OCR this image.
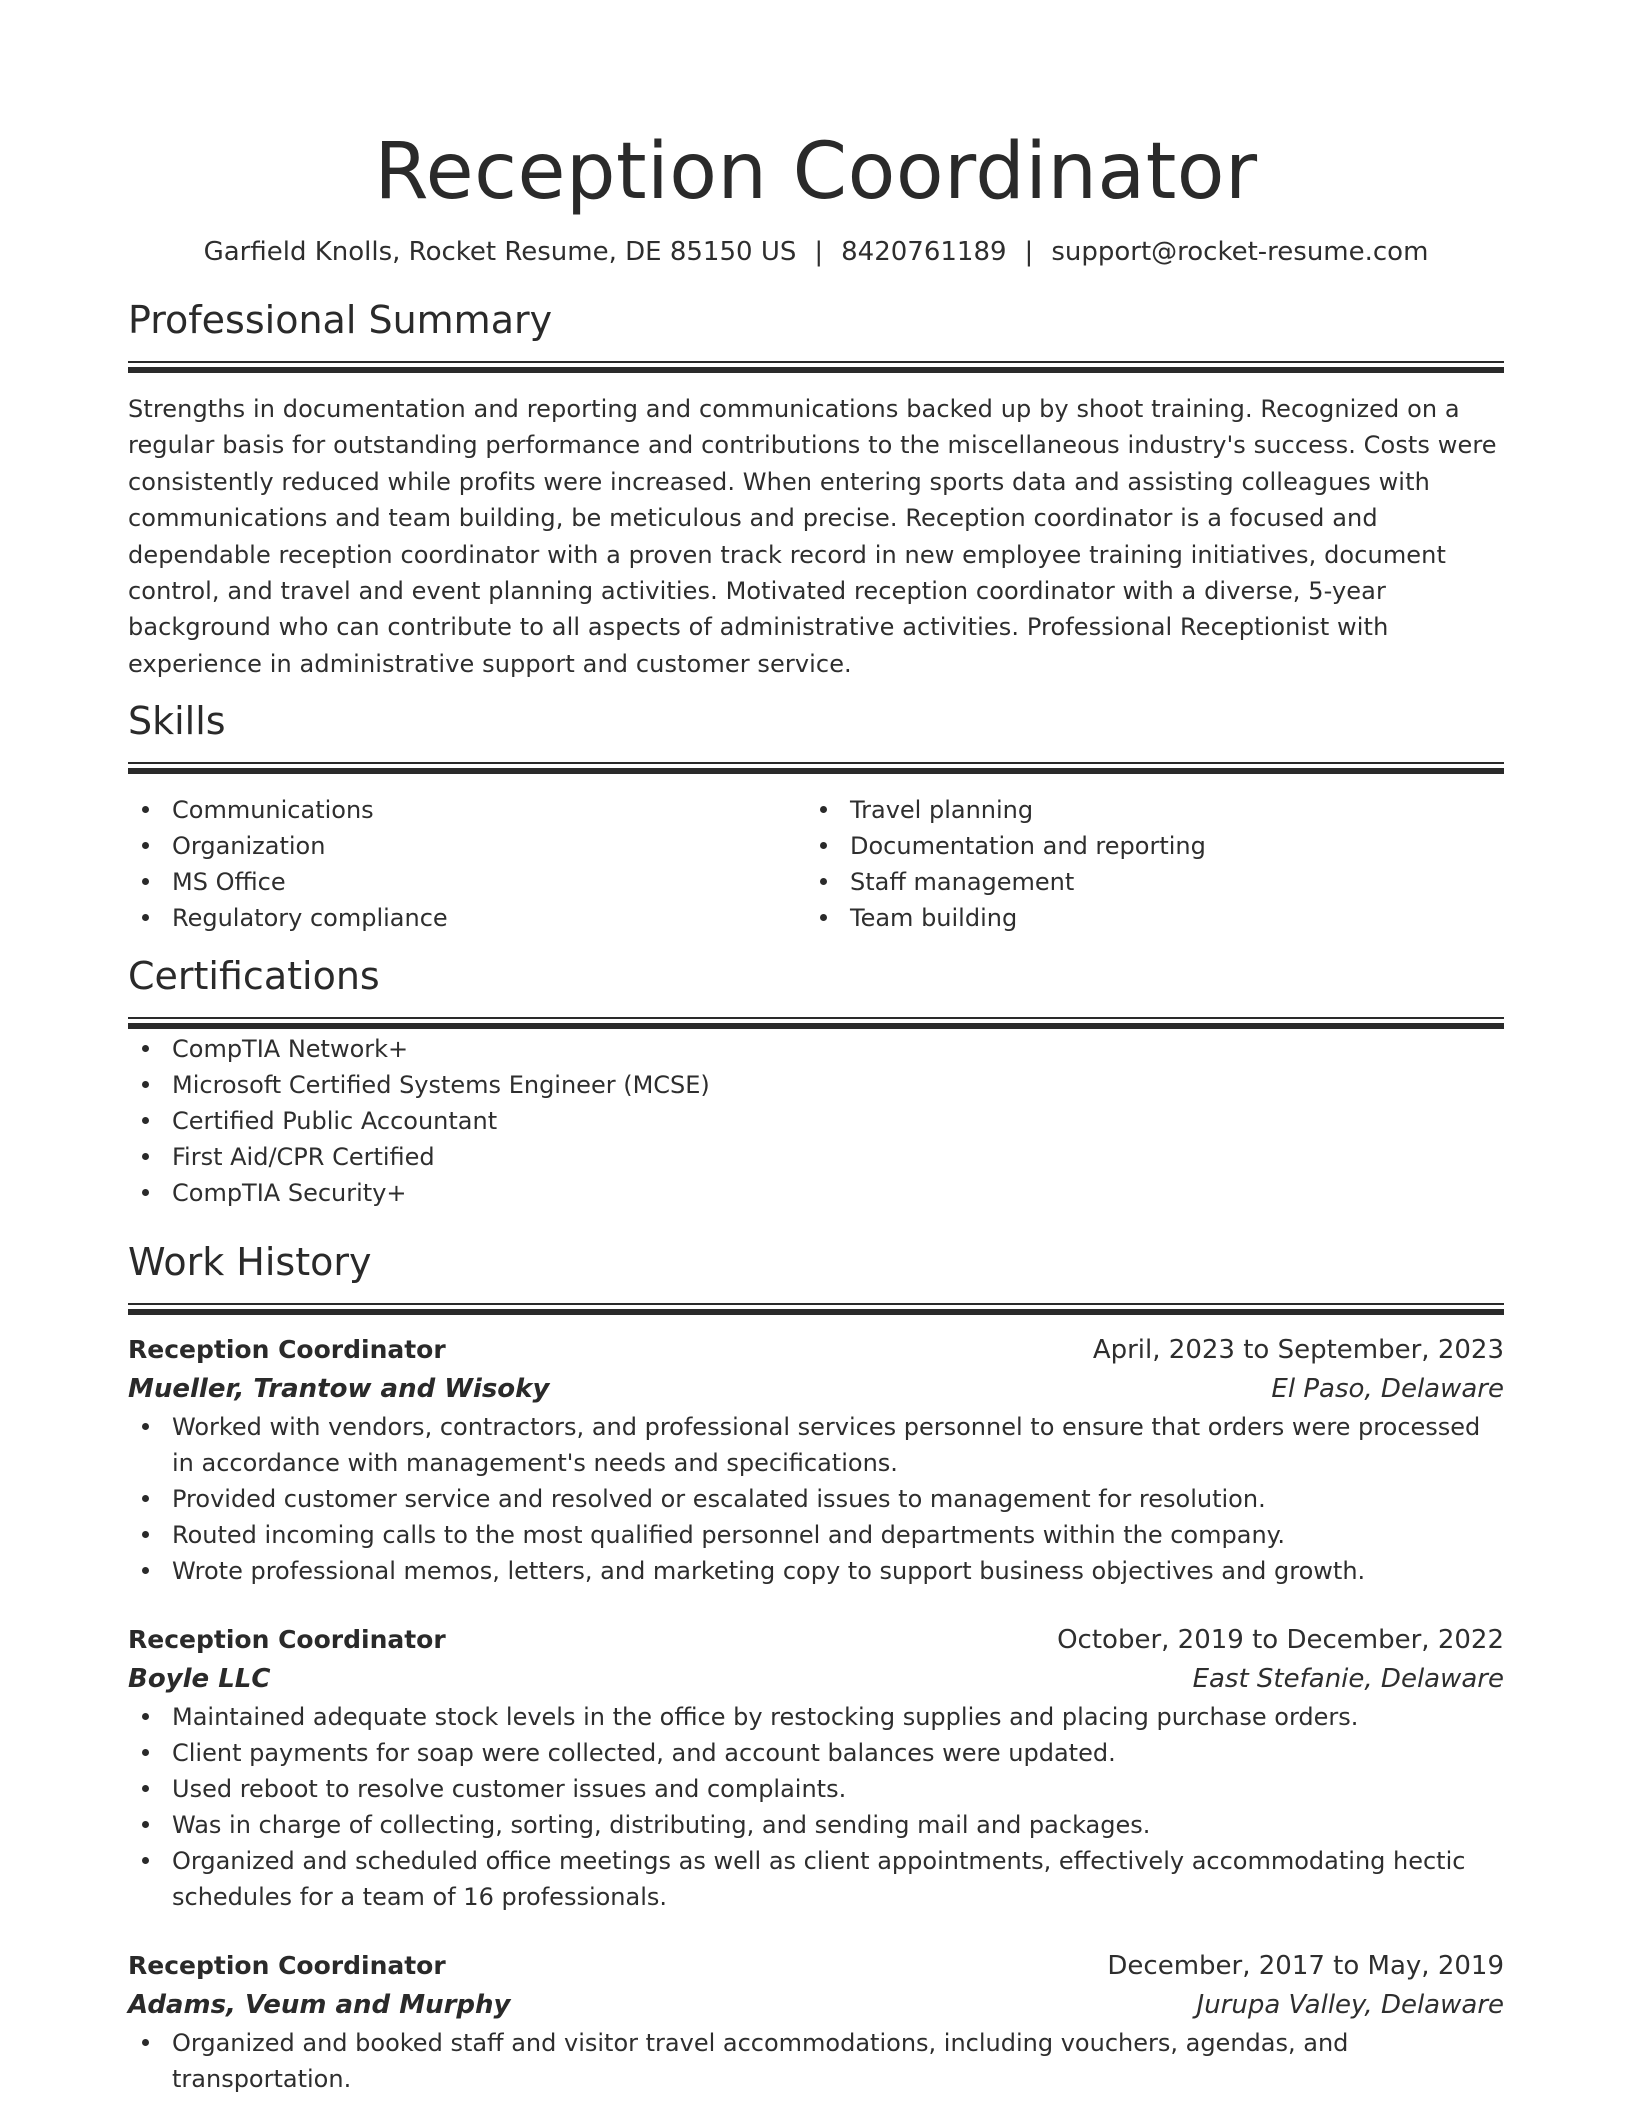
Reception Coordinator
Garfield Knolls, Rocket Resume, DE 85150 US | 8420761189 | support@rocket-resume.com
Professional Summary
Strengths in documentation and reporting and communications backed up by shoot training. Recognized on a regular basis for outstanding performance and contributions to the miscellaneous industry's success. Costs were consistently reduced while profits were increased. When entering sports data and assisting colleagues with communications and team building, be meticulous and precise. Reception coordinator is a focused and dependable reception coordinator with a proven track record in new employee training initiatives, document control, and travel and event planning activities. Motivated reception coordinator with a diverse, 5-year background who can contribute to all aspects of administrative activities. Professional Receptionist with experience in administrative support and customer service.
Skills
Communications
Organization
MS Office
Regulatory compliance
Travel planning
Documentation and reporting
Staff management
Team building
Certifications
CompTIA Network+
Microsoft Certified Systems Engineer (MCSE)
Certified Public Accountant
First Aid/CPR Certified
CompTIA Security+
Work History
Reception Coordinator	April, 2023 to September, 2023
Mueller, Trantow and Wisoky	El Paso, Delaware
Worked with vendors, contractors, and professional services personnel to ensure that orders were processed in accordance with management's needs and specifications.
Provided customer service and resolved or escalated issues to management for resolution.
Routed incoming calls to the most qualified personnel and departments within the company.
Wrote professional memos, letters, and marketing copy to support business objectives and growth.
Reception Coordinator	October, 2019 to December, 2022
Boyle LLC	East Stefanie, Delaware
Maintained adequate stock levels in the office by restocking supplies and placing purchase orders.
Client payments for soap were collected, and account balances were updated.
Used reboot to resolve customer issues and complaints.
Was in charge of collecting, sorting, distributing, and sending mail and packages.
Organized and scheduled office meetings as well as client appointments, effectively accommodating hectic schedules for a team of 16 professionals.
Reception Coordinator	December, 2017 to May, 2019
Adams, Veum and Murphy	Jurupa Valley, Delaware
Organized and booked staff and visitor travel accommodations, including vouchers, agendas, and transportation.
